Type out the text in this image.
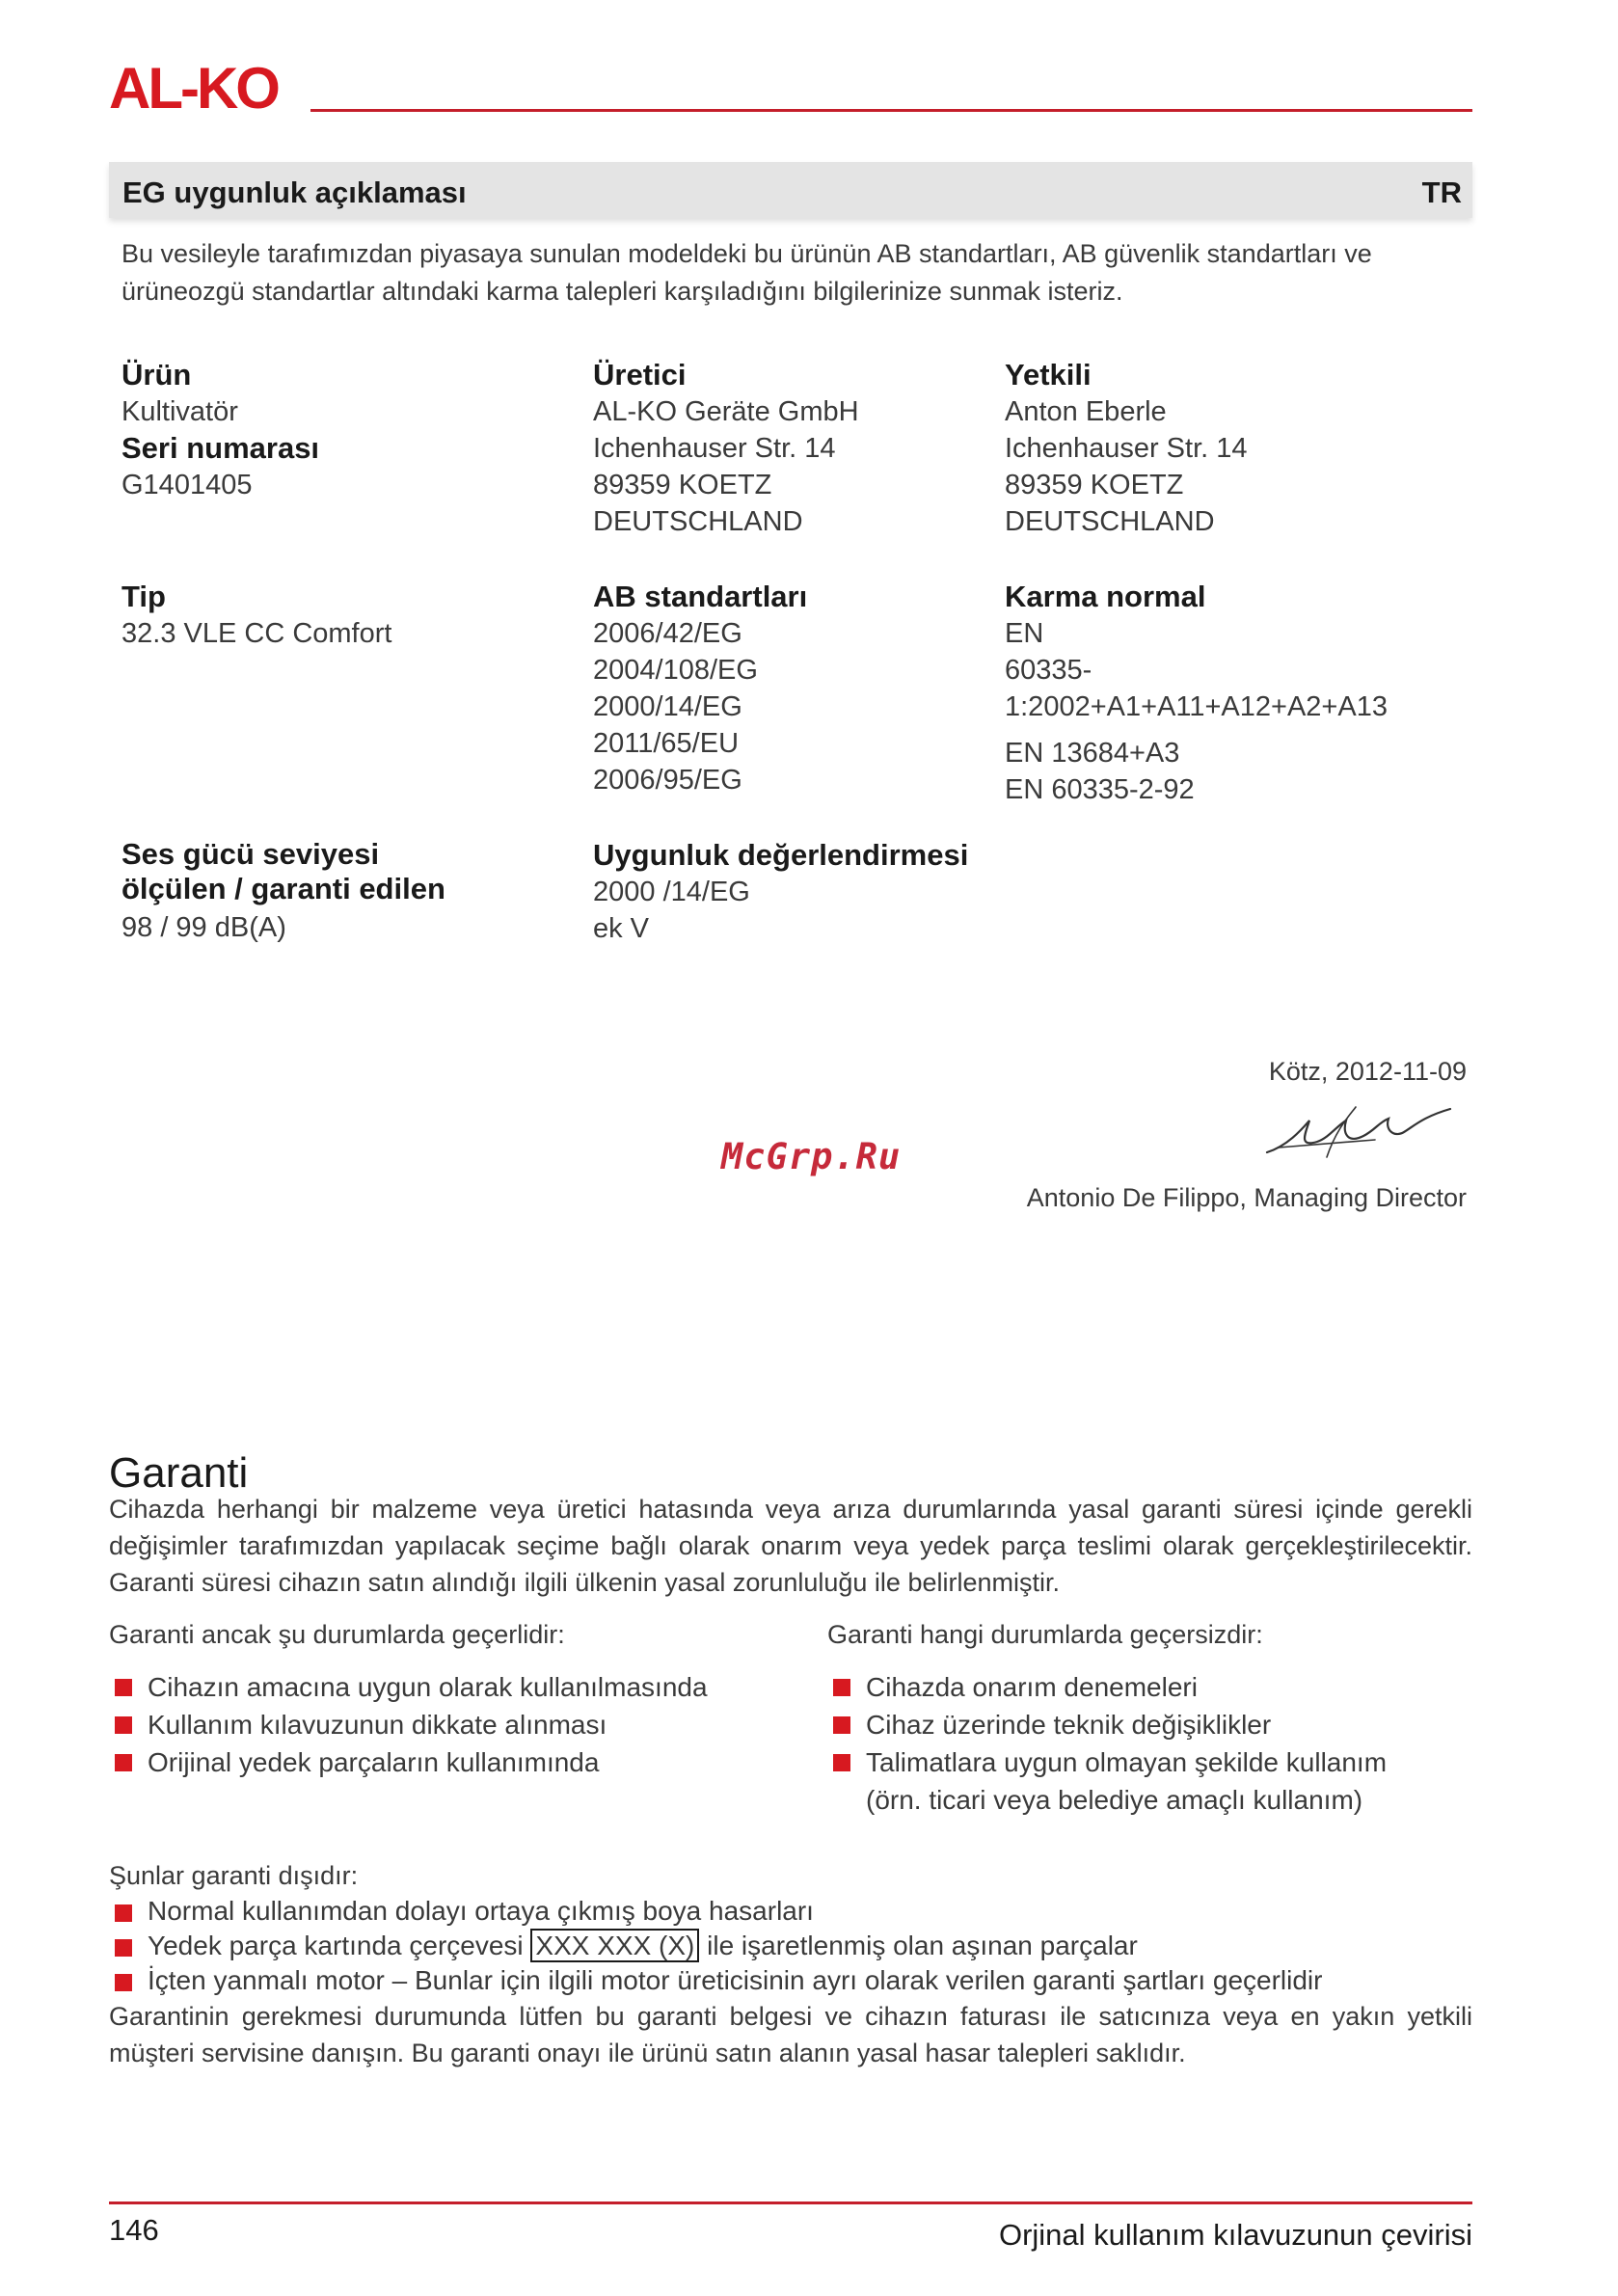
AL-KO
EG uygunluk açıklaması	TR
Bu vesileyle tarafımızdan piyasaya sunulan modeldeki bu ürünün AB standartları, AB güvenlik standartları ve ürüneozgü standartlar altındaki karma talepleri karşıladığını bilgilerinize sunmak isteriz.
Ürün
Kultivatör
Seri numarası
G1401405
Tip
32.3 VLE CC Comfort
Ses gücü seviyesi
ölçülen / garanti edilen
98 / 99 dB(A)
Üretici
AL-KO Geräte GmbH
Ichenhauser Str. 14
89359 KOETZ
DEUTSCHLAND
AB standartları
2006/42/EG
2004/108/EG
2000/14/EG
2011/65/EU
2006/95/EG
Uygunluk değerlendirmesi
2000 /14/EG
ek V
Yetkili
Anton Eberle
Ichenhauser Str. 14
89359 KOETZ
DEUTSCHLAND
Karma normal
EN
60335-1:2002+A1+A11+A12+A2+A13
EN 13684+A3
EN 60335-2-92
Kötz, 2012-11-09
McGrp.Ru
Antonio De Filippo, Managing Director
Garanti
Cihazda herhangi bir malzeme veya üretici hatasında veya arıza durumlarında yasal garanti süresi içinde gerekli değişimler tarafımızdan yapılacak seçime bağlı olarak onarım veya yedek parça teslimi olarak gerçekleştirilecektir. Garanti süresi cihazın satın alındığı ilgili ülkenin yasal zorunluluğu ile belirlenmiştir.
Garanti ancak şu durumlarda geçerlidir:
Cihazın amacına uygun olarak kullanılmasında
Kullanım kılavuzunun dikkate alınması
Orijinal yedek parçaların kullanımında
Garanti hangi durumlarda geçersizdir:
Cihazda onarım denemeleri
Cihaz üzerinde teknik değişiklikler
Talimatlara uygun olmayan şekilde kullanım
(örn. ticari veya belediye amaçlı kullanım)
Şunlar garanti dışıdır:
Normal kullanımdan dolayı ortaya çıkmış boya hasarları
Yedek parça kartında çerçevesi XXX XXX (X) ile işaretlenmiş olan aşınan parçalar
İçten yanmalı motor – Bunlar için ilgili motor üreticisinin ayrı olarak verilen garanti şartları geçerlidir
Garantinin gerekmesi durumunda lütfen bu garanti belgesi ve cihazın faturası ile satıcınıza veya en yakın yetkili müşteri servisine danışın. Bu garanti onayı ile ürünü satın alanın yasal hasar talepleri saklıdır.
146	Orjinal kullanım kılavuzunun çevirisi
